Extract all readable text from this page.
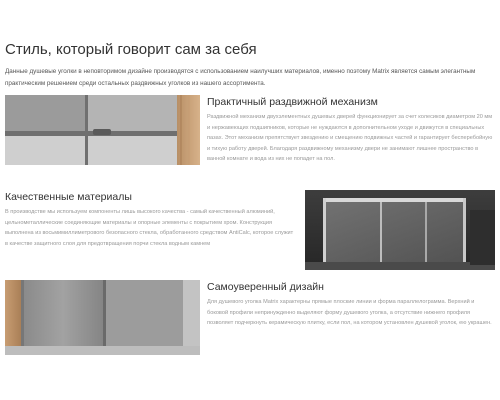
Стиль, который говорит сам за себя

Данные душевые уголки в неповторимом дизайне производятся с использованием наилучших материалов, именно поэтому Matrix является самым элегантным практическим решением среди остальных раздвижных уголков из нашего ассортимента.

Практичный раздвижной механизм

Раздвижной механизм двухэлементных душевых дверей функционирует за счет колесиков диаметром 20 мм и нержавеющих подшипников, которые не нуждаются в дополнительном уходе и движутся в специальных пазах. Этот механизм препятствует звездению и смещению подвижных частей и гарантирует бесперебойную и тихую работу дверей. Благодаря раздвижному механизму двери не занимают лишнее пространство в ванной комнате и вода из них не попадет на пол.

Качественные материалы

В производстве мы используем компоненты лишь высокого качества - самый качественный алюминий, цельнометаллические соединяющие материалы и опорные элементы с покрытием хром. Конструкция выполнена из восьмимиллиметрового безопасного стекла, обработанного средством AntiCalc, которое служит в качестве защитного слоя для предотвращения порчи стекла водным камнем

Самоуверенный дизайн

Для душевого уголка Matrix характерны прямые плоские линии и форма параллелограмма. Верхний и боковой профили непринужденно выделяют форму душевого уголка, а отсутствие нижнего профиля позволяет подчеркнуть керамическую плитку, если пол, на котором установлен душевой уголок, ею украшен.
